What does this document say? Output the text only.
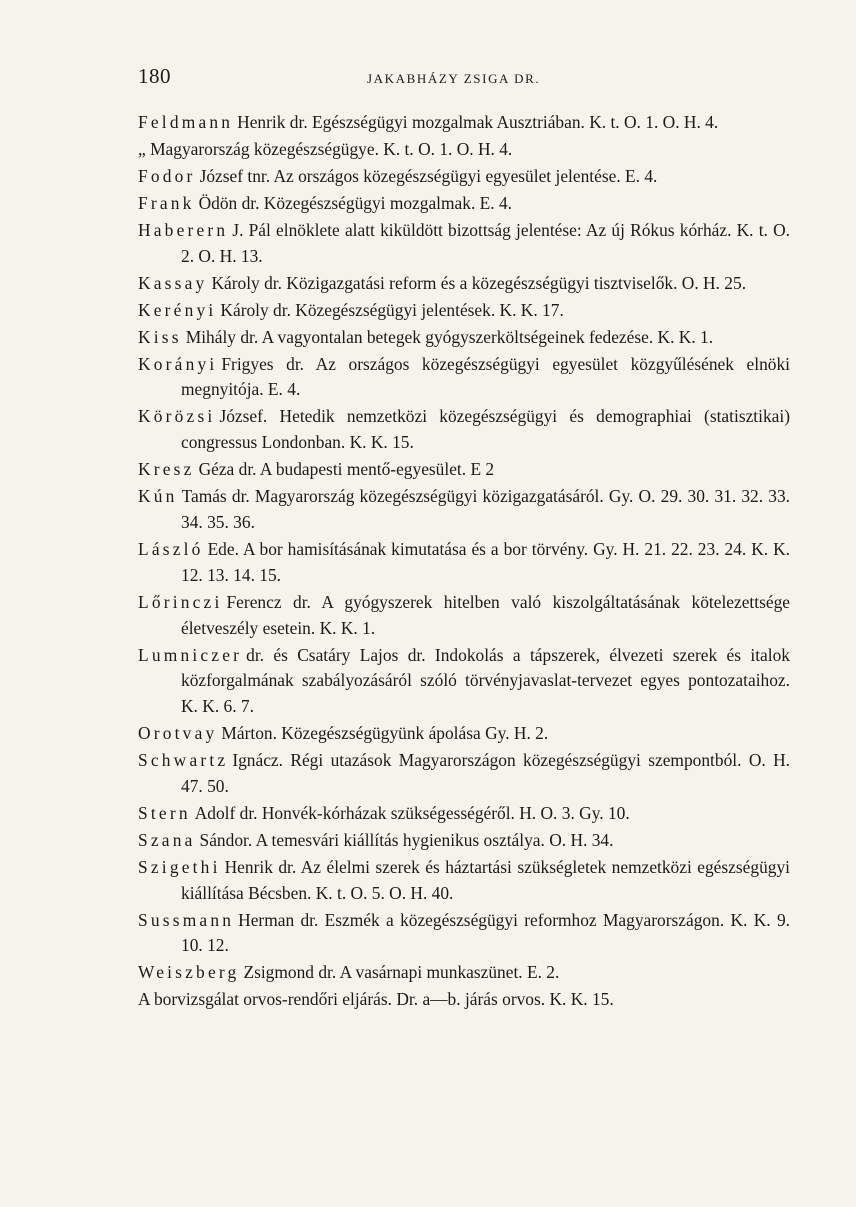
180	JAKABHÁZY ZSIGA DR.

Feldmann Henrik dr. Egészségügyi mozgalmak Ausztriában. K. t. O. 1. O. H. 4.

„ Magyarország közegészségügye. K. t. O. 1. O. H. 4.

Fodor József tnr. Az országos közegészségügyi egyesület jelentése. E. 4.

Frank Ödön dr. Közegészségügyi mozgalmak. E. 4.

Haberern J. Pál elnöklete alatt kiküldött bizottság jelentése: Az új Rókus kórház. K. t. O. 2. O. H. 13.

Kassay Károly dr. Közigazgatási reform és a közegészségügyi tisztviselők. O. H. 25.

Kerényi Károly dr. Közegészségügyi jelentések. K. K. 17.

Kiss Mihály dr. A vagyontalan betegek gyógyszerköltségeinek fedezése. K. K. 1.

Korányi Frigyes dr. Az országos közegészségügyi egyesület közgyűlésének elnöki megnyitója. E. 4.

Körözsi József. Hetedik nemzetközi közegészségügyi és demographiai (statisztikai) congressus Londonban. K. K. 15.

Kresz Géza dr. A budapesti mentő-egyesület. E 2

Kún Tamás dr. Magyarország közegészségügyi közigazgatásáról. Gy. O. 29. 30. 31. 32. 33. 34. 35. 36.

László Ede. A bor hamisításának kimutatása és a bor törvény. Gy. H. 21. 22. 23. 24. K. K. 12. 13. 14. 15.

Lőrinczi Ferencz dr. A gyógyszerek hitelben való kiszolgáltatásának kötelezettsége életveszély esetein. K. K. 1.

Lumniczer dr. és Csatáry Lajos dr. Indokolás a tápszerek, élvezeti szerek és italok közforgalmának szabályozásáról szóló törvényjavaslat-tervezet egyes pontozataihoz. K. K. 6. 7.

Orotvay Márton. Közegészségügyünk ápolása Gy. H. 2.

Schwartz Ignácz. Régi utazások Magyarországon közegészségügyi szempontból. O. H. 47. 50.

Stern Adolf dr. Honvék-kórházak szükségességéről. H. O. 3. Gy. 10.

Szana Sándor. A temesvári kiállítás hygienikus osztálya. O. H. 34.

Szigethi Henrik dr. Az élelmi szerek és háztartási szükségletek nemzetközi egészségügyi kiállítása Bécsben. K. t. O. 5. O. H. 40.

Sussmann Herman dr. Eszmék a közegészségügyi reformhoz Magyarországon. K. K. 9. 10. 12.

Weiszberg Zsigmond dr. A vasárnapi munkaszünet. E. 2.

A borvizsgálat orvos-rendőri eljárás. Dr. a—b. járás orvos. K. K. 15.
